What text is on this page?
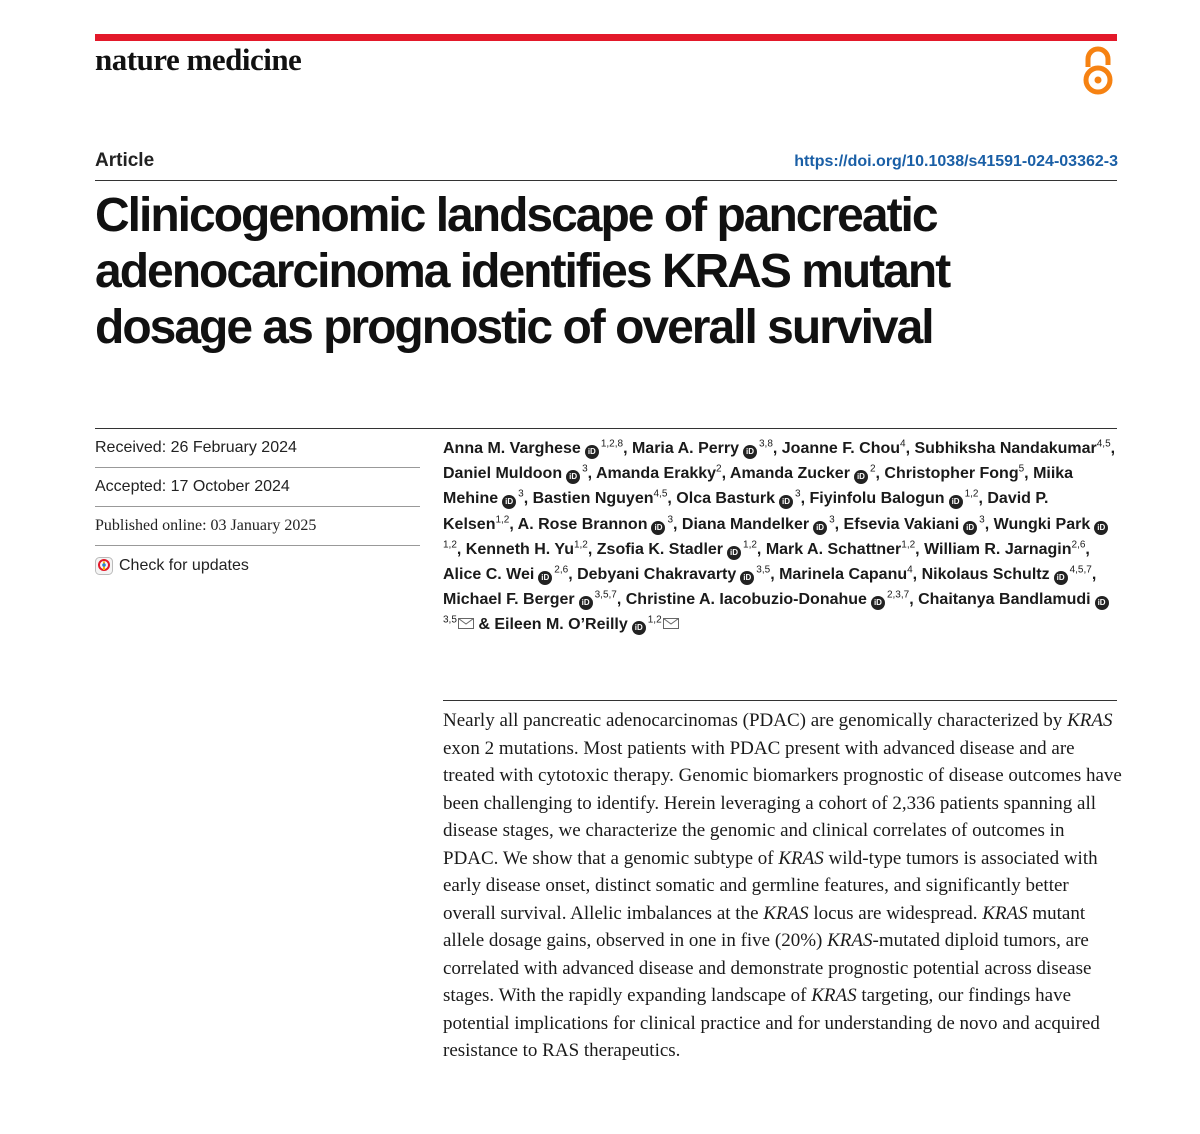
nature medicine
Article	https://doi.org/10.1038/s41591-024-03362-3
Clinicogenomic landscape of pancreatic adenocarcinoma identifies KRAS mutant dosage as prognostic of overall survival
Received: 26 February 2024
Accepted: 17 October 2024
Published online: 03 January 2025
Check for updates
Anna M. Varghese iD$^{1,2,8}$, Maria A. Perry iD$^{3,8}$, Joanne F. Chou$^4$, Subhiksha Nandakumar$^{4,5}$, Daniel Muldoon $iD^3$, Amanda Erakky$^2$, Amanda Zucker $iD^2$, Christopher Fong$^5$, Miika Mehine $iD^3$, Bastien Nguyen$^{4,5}$, Olca Basturk $iD^3$, Fiyinfolu Balogun iD$^{1,2}$, David P. Kelsen$^{1,2}$, A. Rose Brannon $iD^3$, Diana Mandelker $iD^3$, Efsevia Vakiani $iD^3$, Wungki Park iD$^{1,2}$, Kenneth H. Yu$^{1,2}$, Zsofia K. Stadler iD$^{1,2}$, Mark A. Schattner$^{1,2}$, William R. Jarnagin$^{2,6}$, Alice C. Wei iD$^{2,6}$, Debyani Chakravarty iD$^{3,5}$, Marinela Capanu$^4$, Nikolaus Schultz iD$^{4,5,7}$, Michael F. Berger iD$^{3,5,7}$, Christine A. Iacobuzio-Donahue iD$^{2,3,7}$, Chaitanya Bandlamudi iD$^{3,5}$ & Eileen M. O’Reilly iD$^{1,2}$

Nearly all pancreatic adenocarcinomas (PDAC) are genomically characterized by KRAS exon 2 mutations. Most patients with PDAC present with advanced disease and are treated with cytotoxic therapy. Genomic biomarkers prognostic of disease outcomes have been challenging to identify. Herein leveraging a cohort of 2,336 patients spanning all disease stages, we characterize the genomic and clinical correlates of outcomes in PDAC. We show that a genomic subtype of KRAS wild-type tumors is associated with early disease onset, distinct somatic and germline features, and significantly better overall survival. Allelic imbalances at the KRAS locus are widespread. KRAS mutant allele dosage gains, observed in one in five (20%) KRAS-mutated diploid tumors, are correlated with advanced disease and demonstrate prognostic potential across disease stages. With the rapidly expanding landscape of KRAS targeting, our findings have potential implications for clinical practice and for understanding de novo and acquired resistance to RAS therapeutics.
